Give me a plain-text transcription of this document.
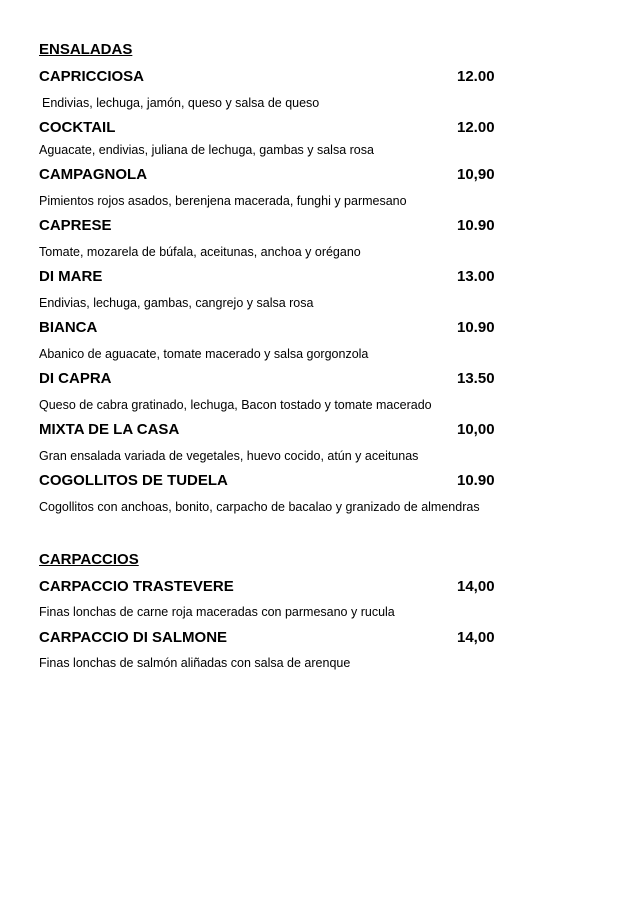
ENSALADAS
CAPRICCIOSA	12.00
Endivias, lechuga, jamón, queso y salsa de queso
COCKTAIL	12.00
Aguacate, endivias, juliana de lechuga, gambas y salsa rosa
CAMPAGNOLA	10,90
Pimientos rojos asados, berenjena macerada, funghi y parmesano
CAPRESE	10.90
Tomate, mozarela de búfala, aceitunas, anchoa y orégano
DI MARE	13.00
Endivias, lechuga, gambas, cangrejo y salsa rosa
BIANCA	10.90
Abanico de aguacate, tomate macerado y salsa gorgonzola
DI CAPRA	13.50
Queso de cabra gratinado, lechuga, Bacon tostado y tomate macerado
MIXTA DE LA CASA	10,00
Gran ensalada variada de vegetales, huevo cocido, atún y aceitunas
COGOLLITOS DE TUDELA	10.90
Cogollitos con anchoas, bonito, carpacho de bacalao y granizado de almendras
CARPACCIOS
CARPACCIO TRASTEVERE	14,00
Finas lonchas de carne roja maceradas con parmesano y rucula
CARPACCIO DI SALMONE	14,00
Finas lonchas de salmón aliñadas con salsa de arenque
